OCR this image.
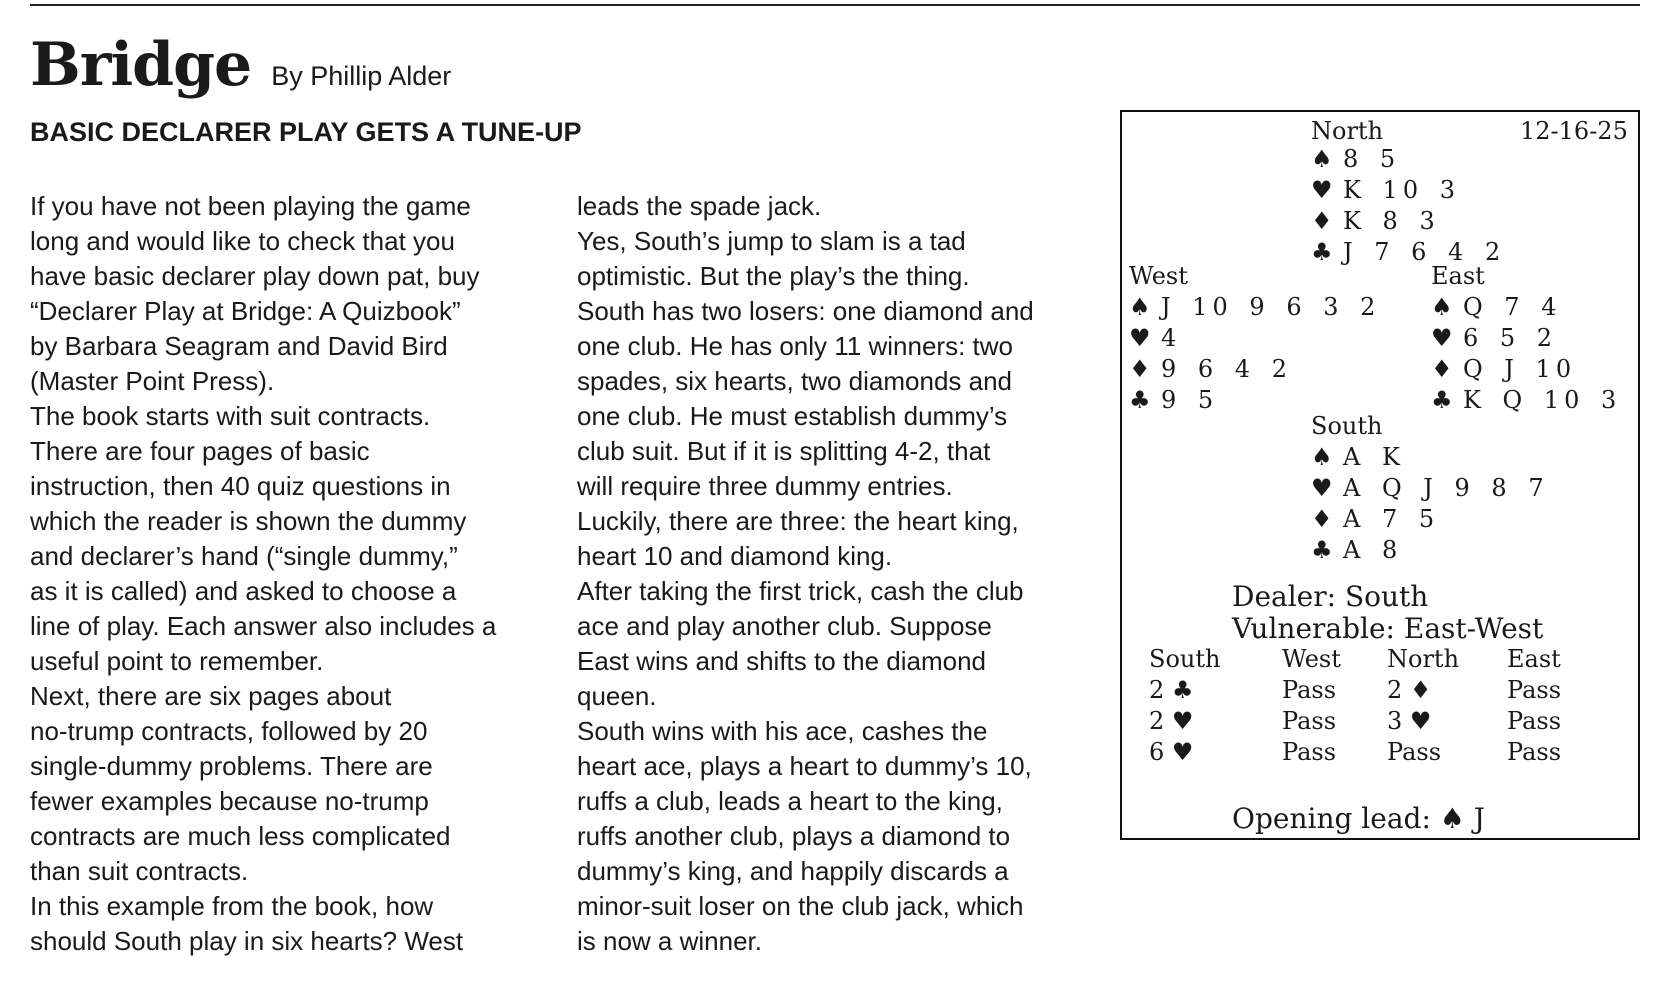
Bridge By Phillip Alder
BASIC DECLARER PLAY GETS A TUNE-UP
If you have not been playing the game
long and would like to check that you
have basic declarer play down pat, buy
“Declarer Play at Bridge: A Quizbook”
by Barbara Seagram and David Bird
(Master Point Press).
The book starts with suit contracts.
There are four pages of basic
instruction, then 40 quiz questions in
which the reader is shown the dummy
and declarer’s hand (“single dummy,”
as it is called) and asked to choose a
line of play. Each answer also includes a
useful point to remember.
Next, there are six pages about
no-trump contracts, followed by 20
single-dummy problems. There are
fewer examples because no-trump
contracts are much less complicated
than suit contracts.
In this example from the book, how
should South play in six hearts? West
leads the spade jack.
Yes, South’s jump to slam is a tad
optimistic. But the play’s the thing.
South has two losers: one diamond and
one club. He has only 11 winners: two
spades, six hearts, two diamonds and
one club. He must establish dummy’s
club suit. But if it is splitting 4-2, that
will require three dummy entries.
Luckily, there are three: the heart king,
heart 10 and diamond king.
After taking the first trick, cash the club
ace and play another club. Suppose
East wins and shifts to the diamond
queen.
South wins with his ace, cashes the
heart ace, plays a heart to dummy’s 10,
ruffs a club, leads a heart to the king,
ruffs another club, plays a diamond to
dummy’s king, and happily discards a
minor-suit loser on the club jack, which
is now a winner.
12-16-25
North
♠ 8 5
♥ K 10 3
♦ K 8 3
♣ J 7 6 4 2
West
♠ J 10 9 6 3 2
♥ 4
♦ 9 6 4 2
♣ 9 5
East
♠ Q 7 4
♥ 6 5 2
♦ Q J 10
♣ K Q 10 3
South
♠ A K
♥ A Q J 9 8 7
♦ A 7 5
♣ A 8
Dealer: South
Vulnerable: East-West
South	West North East
2 ♣	Pass 2 ♦	Pass
2 ♥	Pass 3 ♥	Pass
6 ♥	Pass Pass	Pass
Opening lead: ♠ J
